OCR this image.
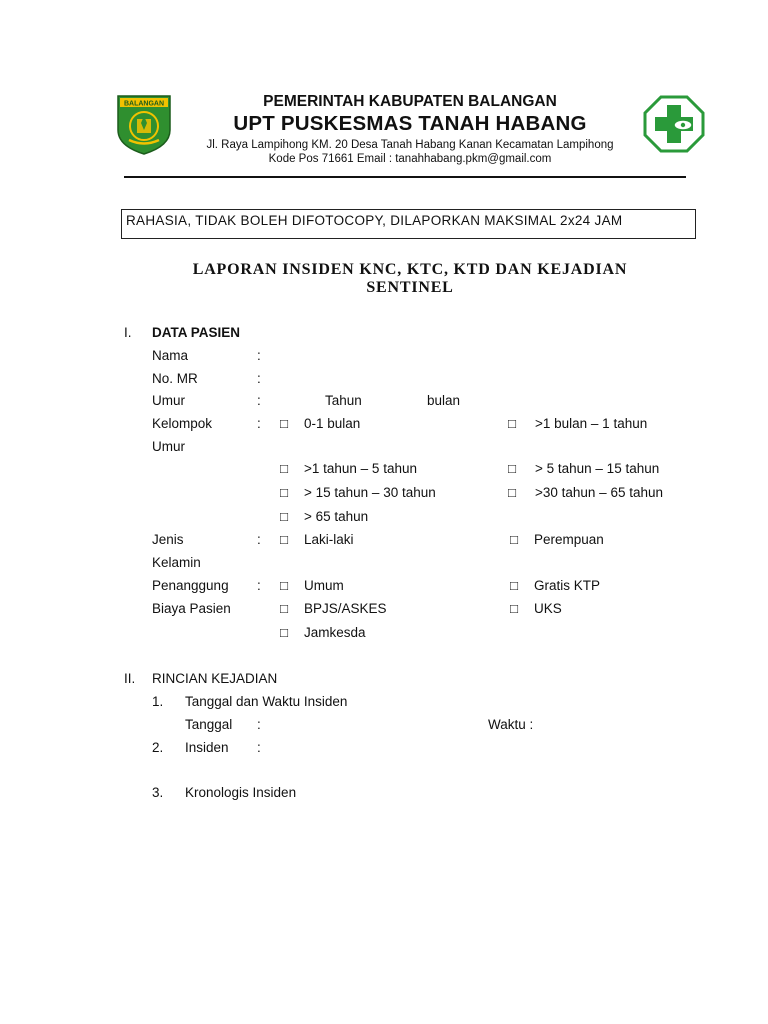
BALANGAN	PEMERINTAH KABUPATEN BALANGAN
UPT PUSKESMAS TANAH HABANG
Jl. Raya Lampihong KM. 20 Desa Tanah Habang Kanan Kecamatan Lampihong
Kode Pos 71661 Email : tanahhabang.pkm@gmail.com
RAHASIA, TIDAK BOLEH DIFOTOCOPY, DILAPORKAN MAKSIMAL 2x24 JAM
LAPORAN INSIDEN KNC, KTC, KTD DAN KEJADIAN
SENTINEL
I. DATA PASIEN
Nama	:
No. MR	:
Umur	:	Tahun	bulan
Kelompok
Umur
: □ 0-1 bulan	□ >1 bulan – 1 tahun
□ >1 tahun – 5 tahun	□ > 5 tahun – 15 tahun
□ > 15 tahun – 30 tahun	□ >30 tahun – 65 tahun
□ > 65 tahun
Jenis
Kelamin
: □ Laki-laki	□ Perempuan
Penanggung
Biaya Pasien
: □ Umum	□ Gratis KTP
□ BPJS/ASKES	□ UKS
□ Jamkesda
II. RINCIAN KEJADIAN
1. Tanggal dan Waktu Insiden
Tanggal :	Waktu :
2. Insiden :
3. Kronologis Insiden
